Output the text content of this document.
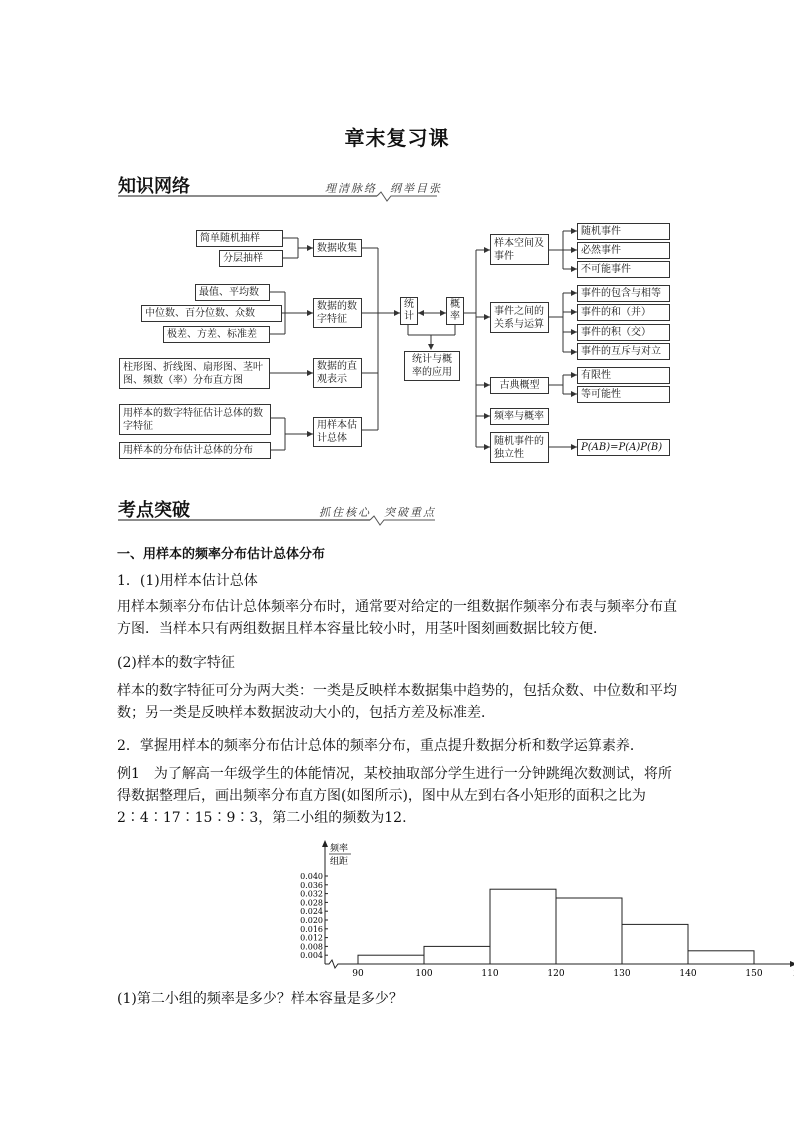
章末复习课
知识网络	理清脉络　纲举目张
简单随机抽样
分层抽样
最值、平均数
中位数、百分位数、众数
极差、方差、标准差
柱形图、折线图、扇形图、茎叶图、频数（率）分布直方图
用样本的数字特征估计总体的数字特征
用样本的分布估计总体的分布
数据收集
数据的数字特征
数据的直观表示
用样本估计总体
统计
概率
统计与概率的应用
样本空间及事件
事件之间的关系与运算
古典概型
频率与概率
随机事件的独立性
随机事件
必然事件
不可能事件
事件的包含与相等
事件的和（并）
事件的积（交）
事件的互斥与对立
有限性
等可能性
P(AB)=P(A)P(B)
考点突破	抓住核心　突破重点
一、用样本的频率分布估计总体分布
1．(1)用样本估计总体
用样本频率分布估计总体频率分布时，通常要对给定的一组数据作频率分布表与频率分布直方图．当样本只有两组数据且样本容量比较小时，用茎叶图刻画数据比较方便．
(2)样本的数字特征
样本的数字特征可分为两大类：一类是反映样本数据集中趋势的，包括众数、中位数和平均数；另一类是反映样本数据波动大小的，包括方差及标准差．
2．掌握用样本的频率分布估计总体的频率分布，重点提升数据分析和数学运算素养．
例1　为了解高一年级学生的体能情况，某校抽取部分学生进行一分钟跳绳次数测试，将所得数据整理后，画出频率分布直方图(如图所示)，图中从左到右各小矩形的面积之比为2∶4∶17∶15∶9∶3，第二小组的频数为12.
0.004
0.008
0.012
0.016
0.020
0.024
0.028
0.032
0.036
0.040
90	100	110	120	130	140	150
频率
组距
(1)第二小组的频率是多少？样本容量是多少？
